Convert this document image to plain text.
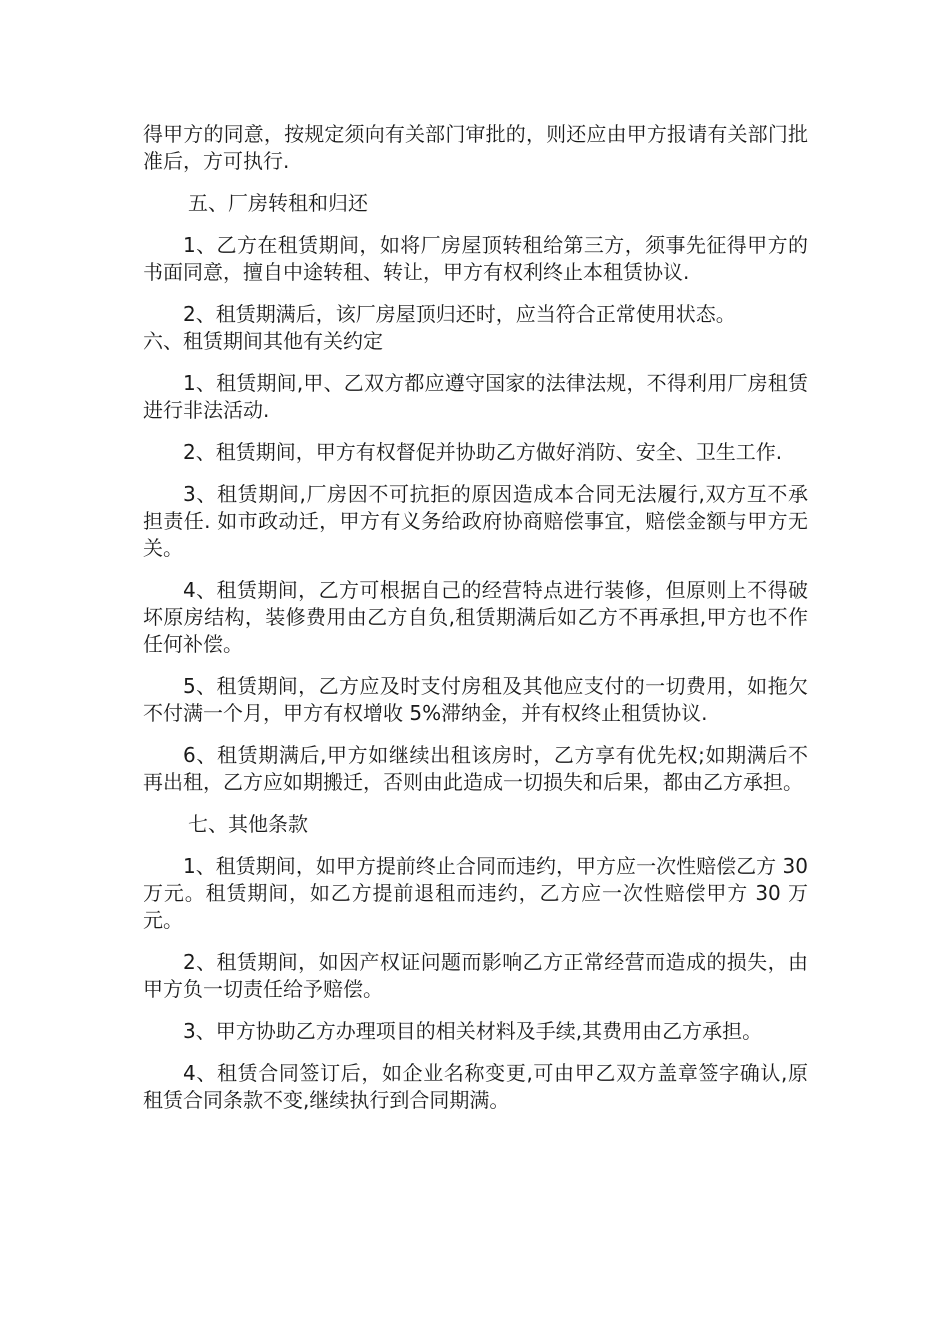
得甲方的同意，按规定须向有关部门审批的，则还应由甲方报请有关部门批准后，方可执行.

五、厂房转租和归还

1、乙方在租赁期间，如将厂房屋顶转租给第三方，须事先征得甲方的书面同意，擅自中途转租、转让，甲方有权利终止本租赁协议.

2、租赁期满后，该厂房屋顶归还时，应当符合正常使用状态。

六、租赁期间其他有关约定

1、租赁期间,甲、乙双方都应遵守国家的法律法规，不得利用厂房租赁进行非法活动.

2、租赁期间，甲方有权督促并协助乙方做好消防、安全、卫生工作.

3、租赁期间,厂房因不可抗拒的原因造成本合同无法履行,双方互不承担责任. 如市政动迁，甲方有义务给政府协商赔偿事宜，赔偿金额与甲方无关。

4、租赁期间，乙方可根据自己的经营特点进行装修，但原则上不得破坏原房结构，装修费用由乙方自负,租赁期满后如乙方不再承担,甲方也不作任何补偿。

5、租赁期间，乙方应及时支付房租及其他应支付的一切费用，如拖欠不付满一个月，甲方有权增收 5%滞纳金，并有权终止租赁协议.

6、租赁期满后,甲方如继续出租该房时，乙方享有优先权;如期满后不再出租，乙方应如期搬迁，否则由此造成一切损失和后果，都由乙方承担。

七、其他条款

1、租赁期间，如甲方提前终止合同而违约，甲方应一次性赔偿乙方 30 万元。租赁期间，如乙方提前退租而违约，乙方应一次性赔偿甲方 30 万元。

2、租赁期间，如因产权证问题而影响乙方正常经营而造成的损失，由甲方负一切责任给予赔偿。

3、甲方协助乙方办理项目的相关材料及手续,其费用由乙方承担。

4、租赁合同签订后，如企业名称变更,可由甲乙双方盖章签字确认,原租赁合同条款不变,继续执行到合同期满。
